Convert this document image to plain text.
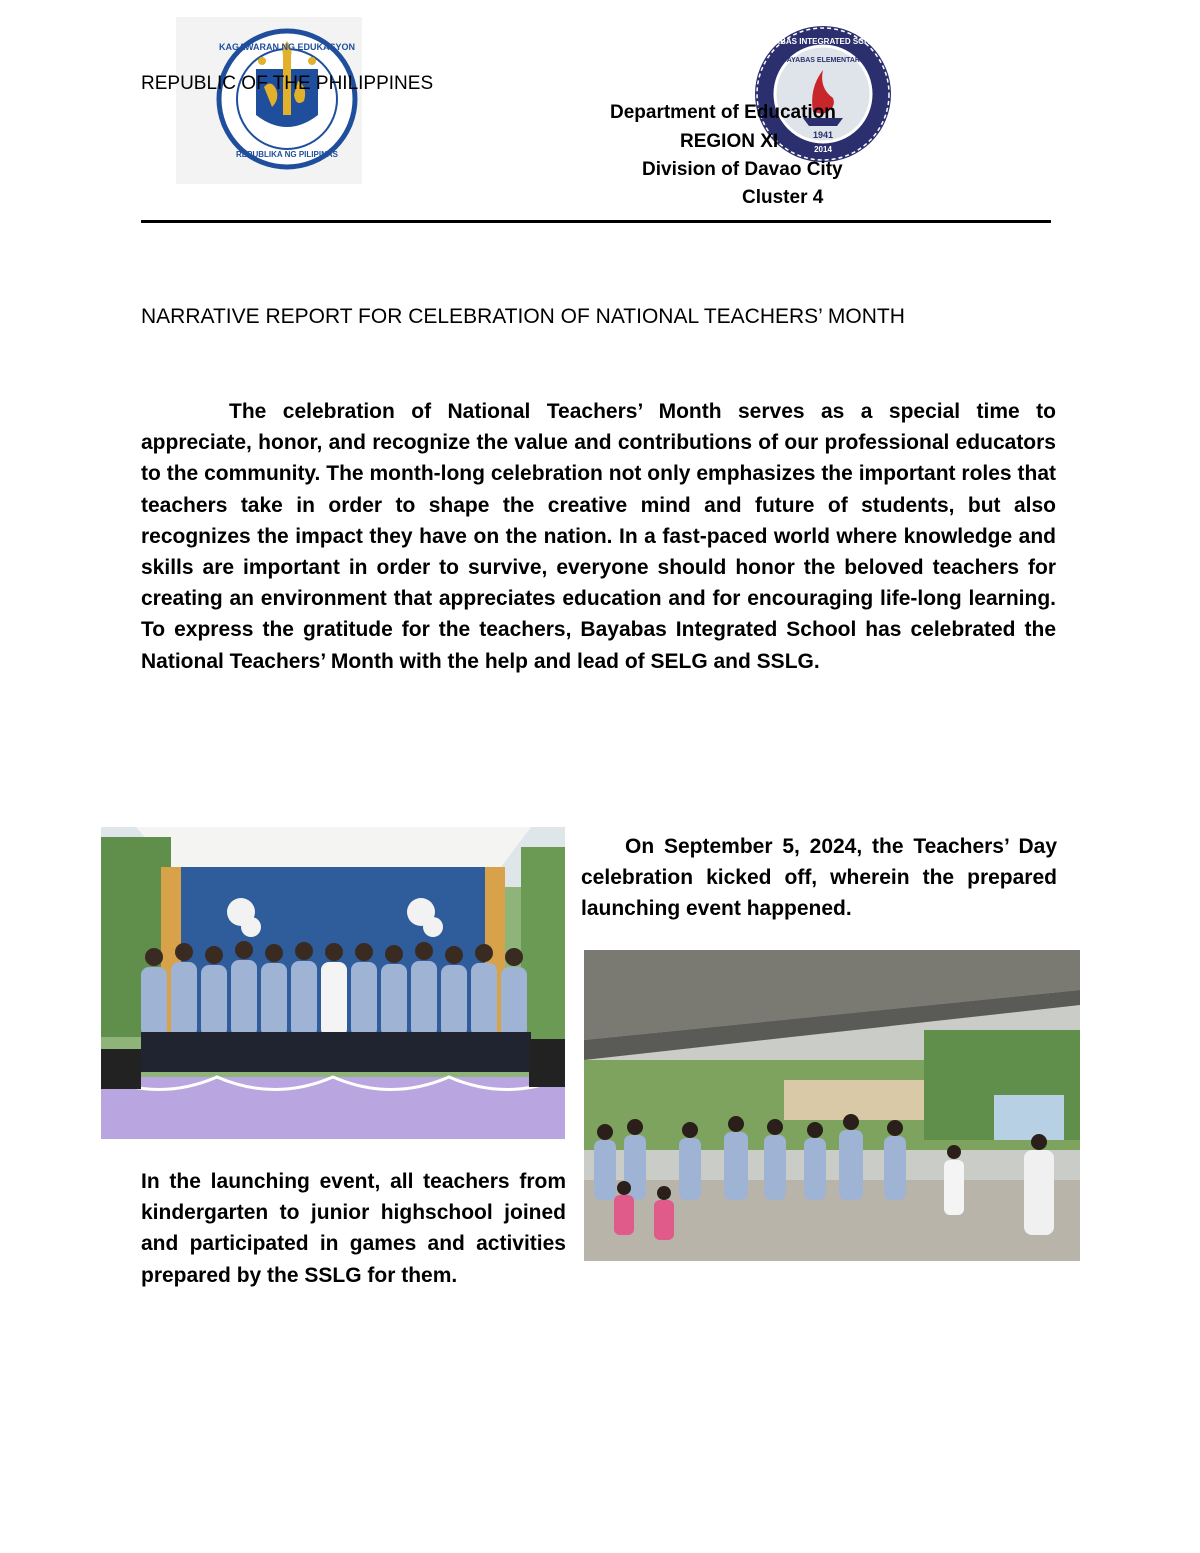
KAGAWARAN NG EDUKASYON
REPUBLIKA NG PILIPINAS
BAYABAS INTEGRATED SCHOOL
BAYABAS ELEMENTARY
1941
2014
REPUBLIC OF THE PHILIPPINES
Department of Education
REGION XI
Division of Davao City
Cluster 4
NARRATIVE REPORT FOR CELEBRATION OF NATIONAL TEACHERS’ MONTH
The celebration of National Teachers’ Month serves as a special time to appreciate, honor, and recognize the value and contributions of our professional educators to the community. The month-long celebration not only emphasizes the important roles that teachers take in order to shape the creative mind and future of students, but also recognizes the impact they have on the nation. In a fast-paced world where knowledge and skills are important in order to survive, everyone should honor the beloved teachers for creating an environment that appreciates education and for encouraging life-long learning. To express the gratitude for the teachers, Bayabas Integrated School has celebrated the National Teachers’ Month with the help and lead of SELG and SSLG.
On September 5, 2024, the Teachers’ Day celebration kicked off, wherein the prepared launching event happened.
In the launching event, all teachers from kindergarten to junior highschool joined and participated in games and activities prepared by the SSLG for them.
